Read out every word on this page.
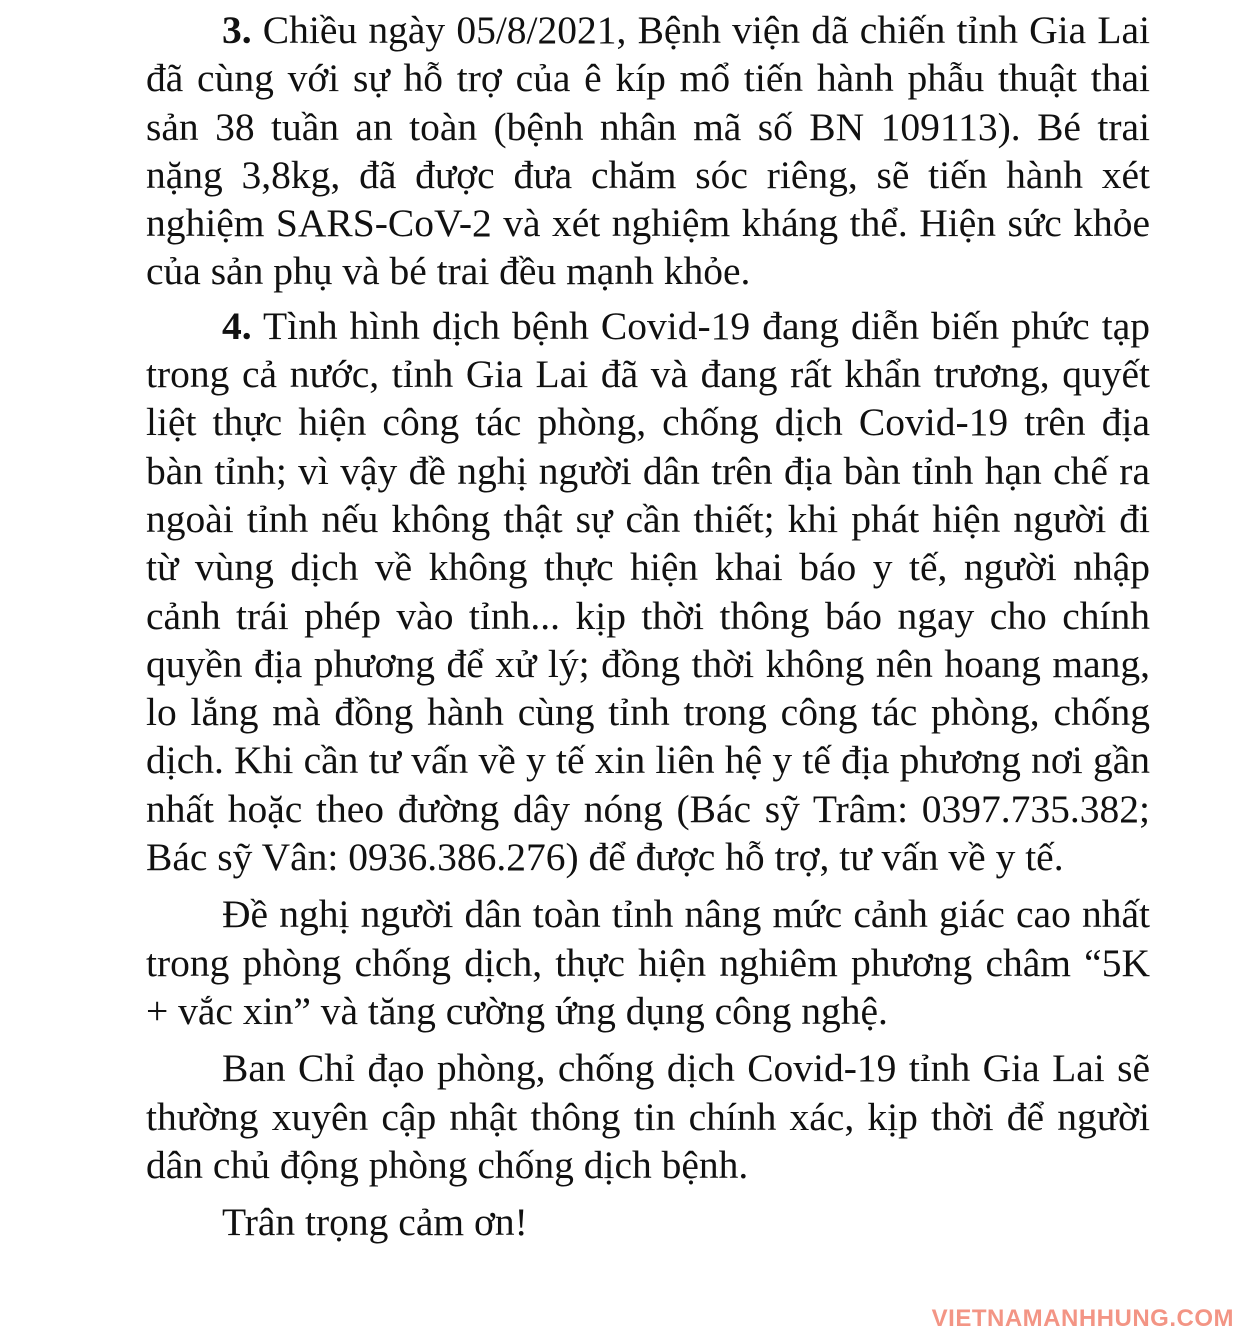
3. Chiều ngày 05/8/2021, Bệnh viện dã chiến tỉnh Gia Lai đã cùng với sự hỗ trợ của ê kíp mổ tiến hành phẫu thuật thai sản 38 tuần an toàn (bệnh nhân mã số BN 109113). Bé trai nặng 3,8kg, đã được đưa chăm sóc riêng, sẽ tiến hành xét nghiệm SARS-CoV-2 và xét nghiệm kháng thể. Hiện sức khỏe của sản phụ và bé trai đều mạnh khỏe.

4. Tình hình dịch bệnh Covid-19 đang diễn biến phức tạp trong cả nước, tỉnh Gia Lai đã và đang rất khẩn trương, quyết liệt thực hiện công tác phòng, chống dịch Covid-19 trên địa bàn tỉnh; vì vậy đề nghị người dân trên địa bàn tỉnh hạn chế ra ngoài tỉnh nếu không thật sự cần thiết; khi phát hiện người đi từ vùng dịch về không thực hiện khai báo y tế, người nhập cảnh trái phép vào tỉnh... kịp thời thông báo ngay cho chính quyền địa phương để xử lý; đồng thời không nên hoang mang, lo lắng mà đồng hành cùng tỉnh trong công tác phòng, chống dịch. Khi cần tư vấn về y tế xin liên hệ y tế địa phương nơi gần nhất hoặc theo đường dây nóng (Bác sỹ Trâm: 0397.735.382; Bác sỹ Vân: 0936.386.276) để được hỗ trợ, tư vấn về y tế.

Đề nghị người dân toàn tỉnh nâng mức cảnh giác cao nhất trong phòng chống dịch, thực hiện nghiêm phương châm “5K + vắc xin” và tăng cường ứng dụng công nghệ.

Ban Chỉ đạo phòng, chống dịch Covid-19 tỉnh Gia Lai sẽ thường xuyên cập nhật thông tin chính xác, kịp thời để người dân chủ động phòng chống dịch bệnh.

Trân trọng cảm ơn!

VIETNAMANHHUNG.COM
